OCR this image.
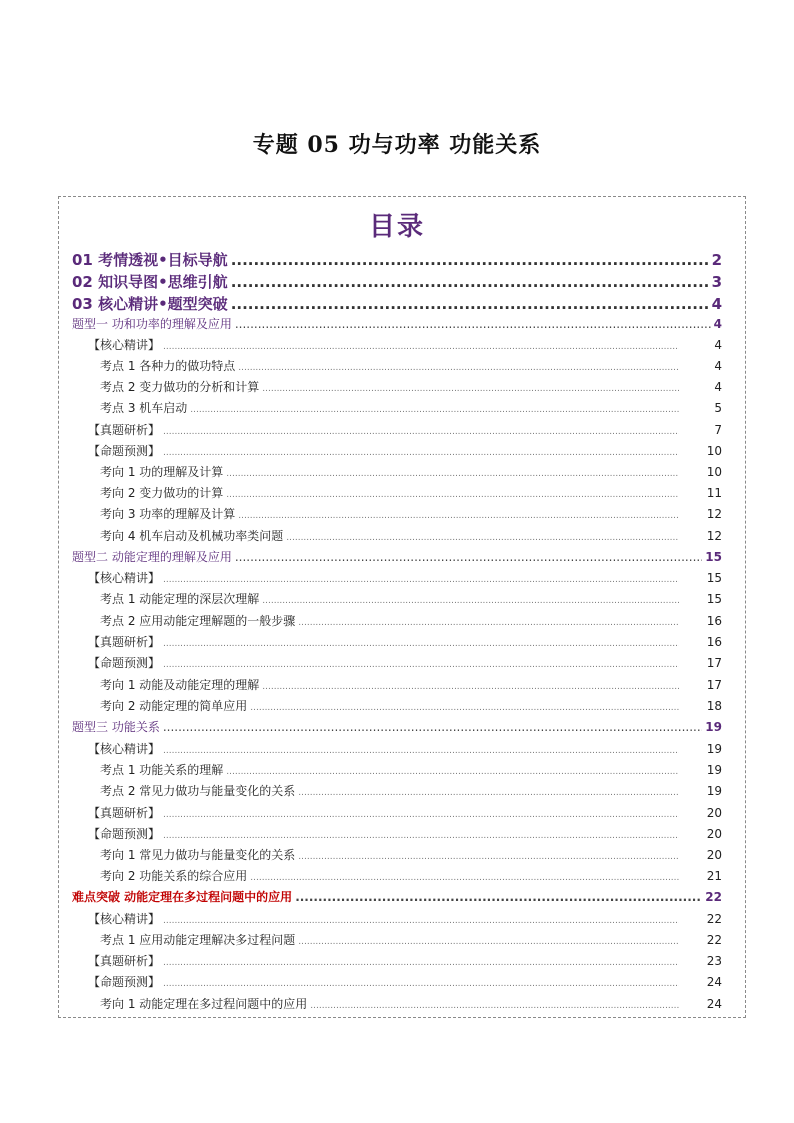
专题 05 功与功率 功能关系
目录
01 考情透视•目标导航 .....	2
02 知识导图•思维引航 .....	3
03 核心精讲•题型突破 .....	4
题型一 功和功率的理解及应用 .....	4
【核心精讲】 .....	4
考点 1 各种力的做功特点 .....	4
考点 2 变力做功的分析和计算 .....	4
考点 3 机车启动 .....	5
【真题研析】 .....	7
【命题预测】 .....	10
考向 1 功的理解及计算 .....	10
考向 2 变力做功的计算 .....	11
考向 3 功率的理解及计算 .....	12
考向 4 机车启动及机械功率类问题 .....	12
题型二 动能定理的理解及应用 .....	15
【核心精讲】 .....	15
考点 1 动能定理的深层次理解 .....	15
考点 2 应用动能定理解题的一般步骤 .....	16
【真题研析】 .....	16
【命题预测】 .....	17
考向 1 动能及动能定理的理解 .....	17
考向 2 动能定理的简单应用 .....	18
题型三 功能关系 .....	19
【核心精讲】 .....	19
考点 1 功能关系的理解 .....	19
考点 2 常见力做功与能量变化的关系 .....	19
【真题研析】 .....	20
【命题预测】 .....	20
考向 1 常见力做功与能量变化的关系 .....	20
考向 2 功能关系的综合应用 .....	21
难点突破 动能定理在多过程问题中的应用 .....	22
【核心精讲】 .....	22
考点 1 应用动能定理解决多过程问题 .....	22
【真题研析】 .....	23
【命题预测】 .....	24
考向 1 动能定理在多过程问题中的应用 .....	24
